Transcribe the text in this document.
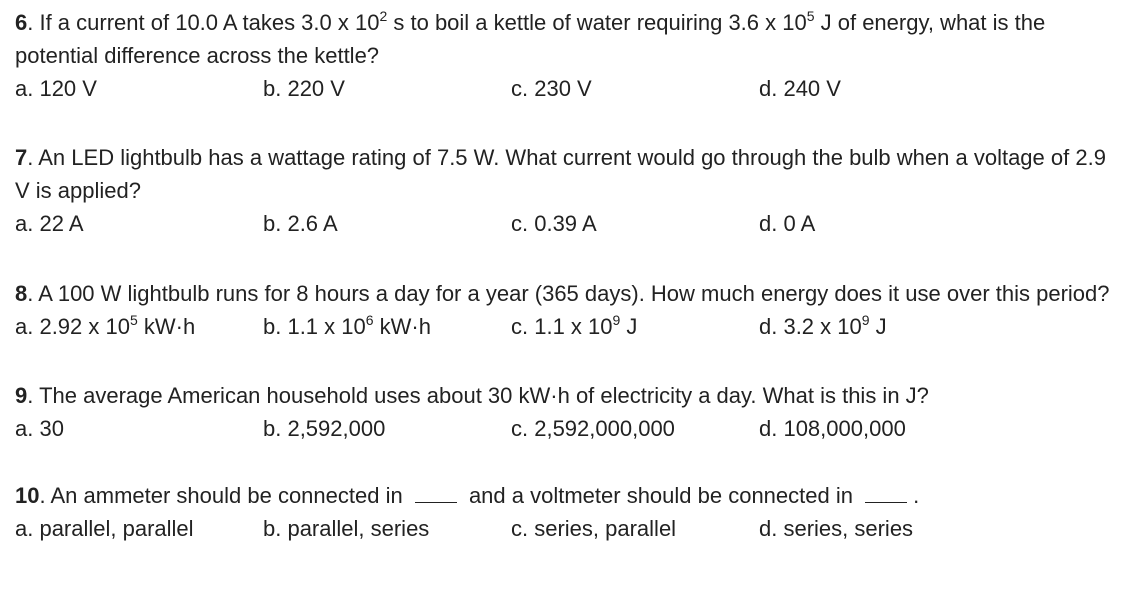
6. If a current of 10.0 A takes 3.0 x $10^2$ s to boil a kettle of water requiring 3.6 x $10^5$ J of energy, what is the potential difference across the kettle?
a. 120 V	b. 220 V	c. 230 V	d. 240 V
7. An LED lightbulb has a wattage rating of 7.5 W. What current would go through the bulb when a voltage of 2.9 V is applied?
a. 22 A	b. 2.6 A	c. 0.39 A	d. 0 A
8. A 100 W lightbulb runs for 8 hours a day for a year (365 days). How much energy does it use over this period?
a. 2.92 x $10^5$ kW·h	b. 1.1 x $10^6$ kW·h	c. 1.1 x $10^9$ J	d. 3.2 x $10^9$ J
9. The average American household uses about 30 kW·h of electricity a day. What is this in J?
a. 30	b. 2,592,000	c. 2,592,000,000	d. 108,000,000
10. An ammeter should be connected in  and a voltmeter should be connected in .
a. parallel, parallel	b. parallel, series	c. series, parallel	d. series, series
